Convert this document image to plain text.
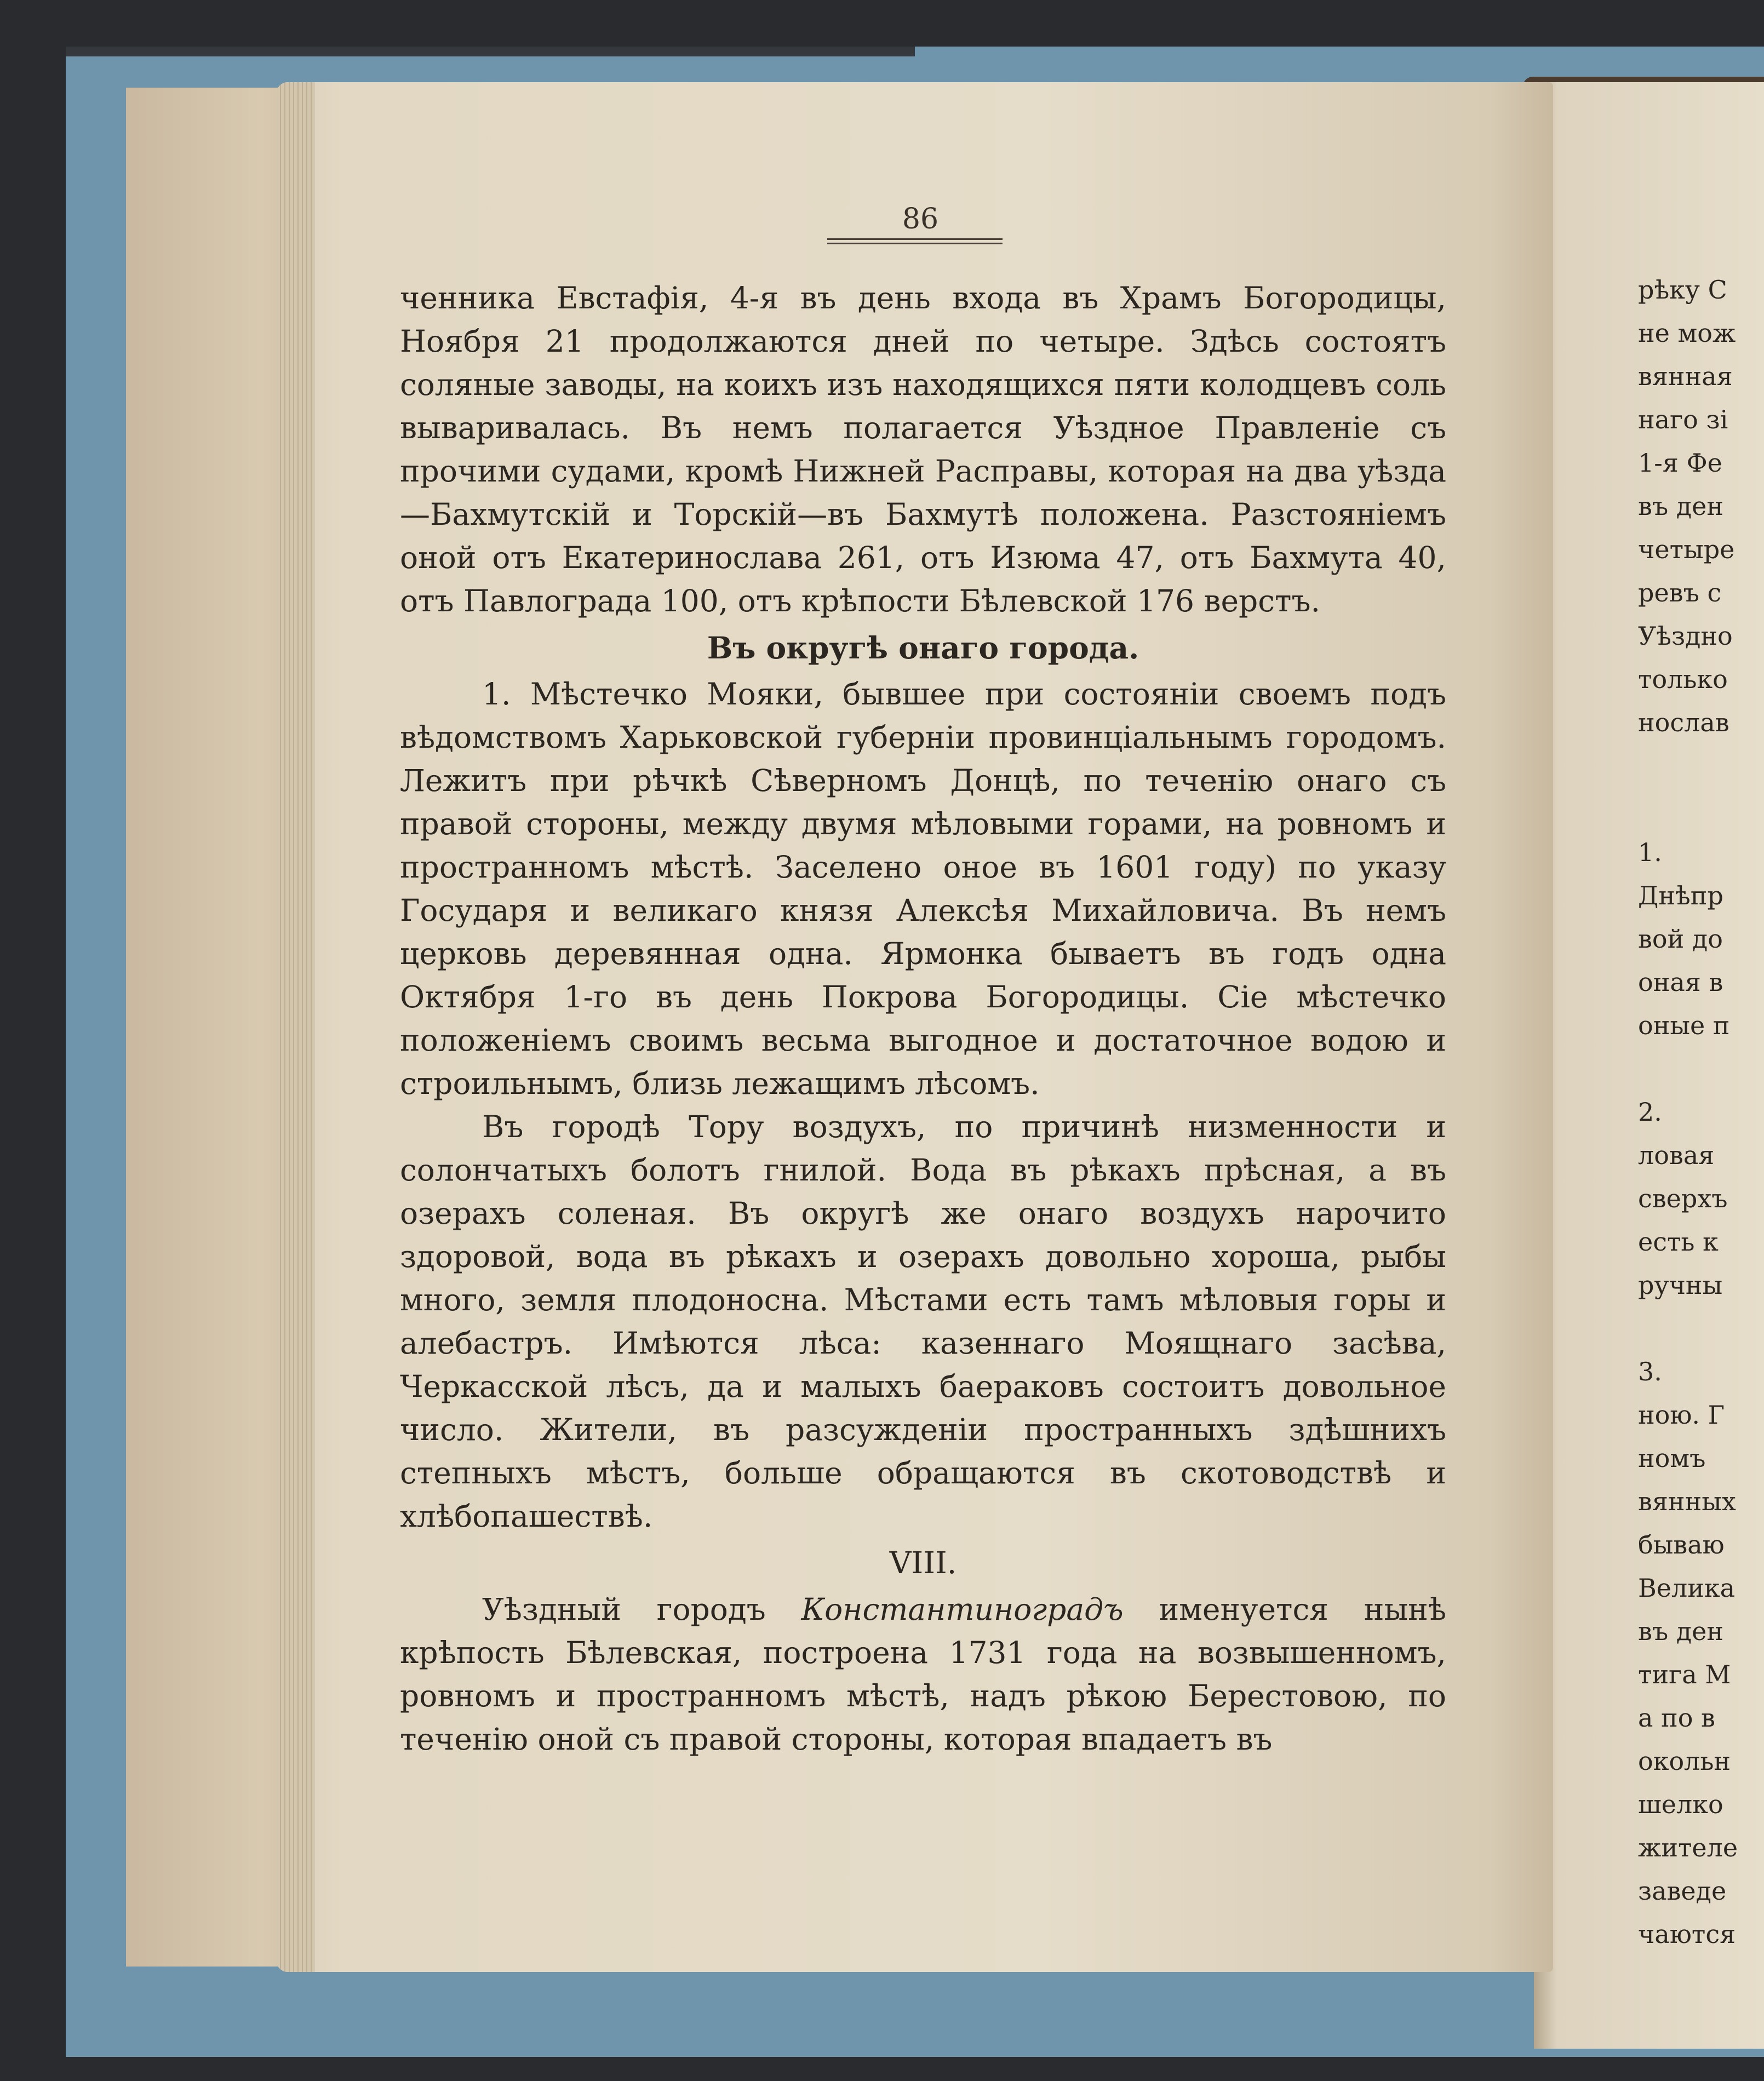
86

ченника Евстафія, 4-я въ день входа въ Храмъ Богородицы, Ноября 21 продолжаются дней по четыре. Здѣсь состоятъ соляные заводы, на коихъ изъ находящихся пяти колодцевъ соль вываривалась. Въ немъ полагается Уѣздное Правленіе съ прочими судами, кромѣ Нижней Расправы, которая на два уѣзда—Бахмутскій и Торскій—въ Бахмутѣ положена. Разстояніемъ оной отъ Екатеринослава 261, отъ Изюма 47, отъ Бахмута 40, отъ Павлограда 100, отъ крѣпости Бѣлевской 176 верстъ.

Въ округѣ онаго города.

1. Мѣстечко Мояки, бывшее при состояніи своемъ подъ вѣдомствомъ Харьковской губерніи провинціальнымъ городомъ. Лежитъ при рѣчкѣ Сѣверномъ Донцѣ, по теченію онаго съ правой стороны, между двумя мѣловыми горами, на ровномъ и пространномъ мѣстѣ. Заселено оное въ 1601 году) по указу Государя и великаго князя Алексѣя Михайловича. Въ немъ церковь деревянная одна. Ярмонка бываетъ въ годъ одна Октября 1-го въ день Покрова Богородицы. Сіе мѣстечко положеніемъ своимъ весьма выгодное и достаточное водою и строильнымъ, близь лежащимъ лѣсомъ.

Въ городѣ Тору воздухъ, по причинѣ низменности и солончатыхъ болотъ гнилой. Вода въ рѣкахъ прѣсная, а въ озерахъ соленая. Въ округѣ же онаго воздухъ нарочито здоровой, вода въ рѣкахъ и озерахъ довольно хороша, рыбы много, земля плодоносна. Мѣстами есть тамъ мѣловыя горы и алебастръ. Имѣются лѣса: казеннаго Моящнаго засѣва, Черкасской лѣсъ, да и малыхъ баераковъ состоитъ довольное число. Жители, въ разсужденіи пространныхъ здѣшнихъ степныхъ мѣстъ, больше обращаются въ скотоводствѣ и хлѣбопашествѣ.

VIII.

Уѣздный городъ Константиноградъ именуется нынѣ крѣпость Бѣлевская, построена 1731 года на возвышенномъ, ровномъ и пространномъ мѣстѣ, надъ рѣкою Берестовою, по теченію оной съ правой стороны, которая впадаетъ въ

рѣку С
не мож
вянная
наго зі
1-я Фе
въ ден
четыре
ревъ с
Уѣздно
только
нослав
1.
Днѣпр
вой до
оная в
оные п
2.
ловая
сверхъ
есть к
ручны
3.
ною. Г
номъ
вянных
бываю
Велика
въ ден
тига М
а по в
окольн
шелко
жителе
заведе
чаются
